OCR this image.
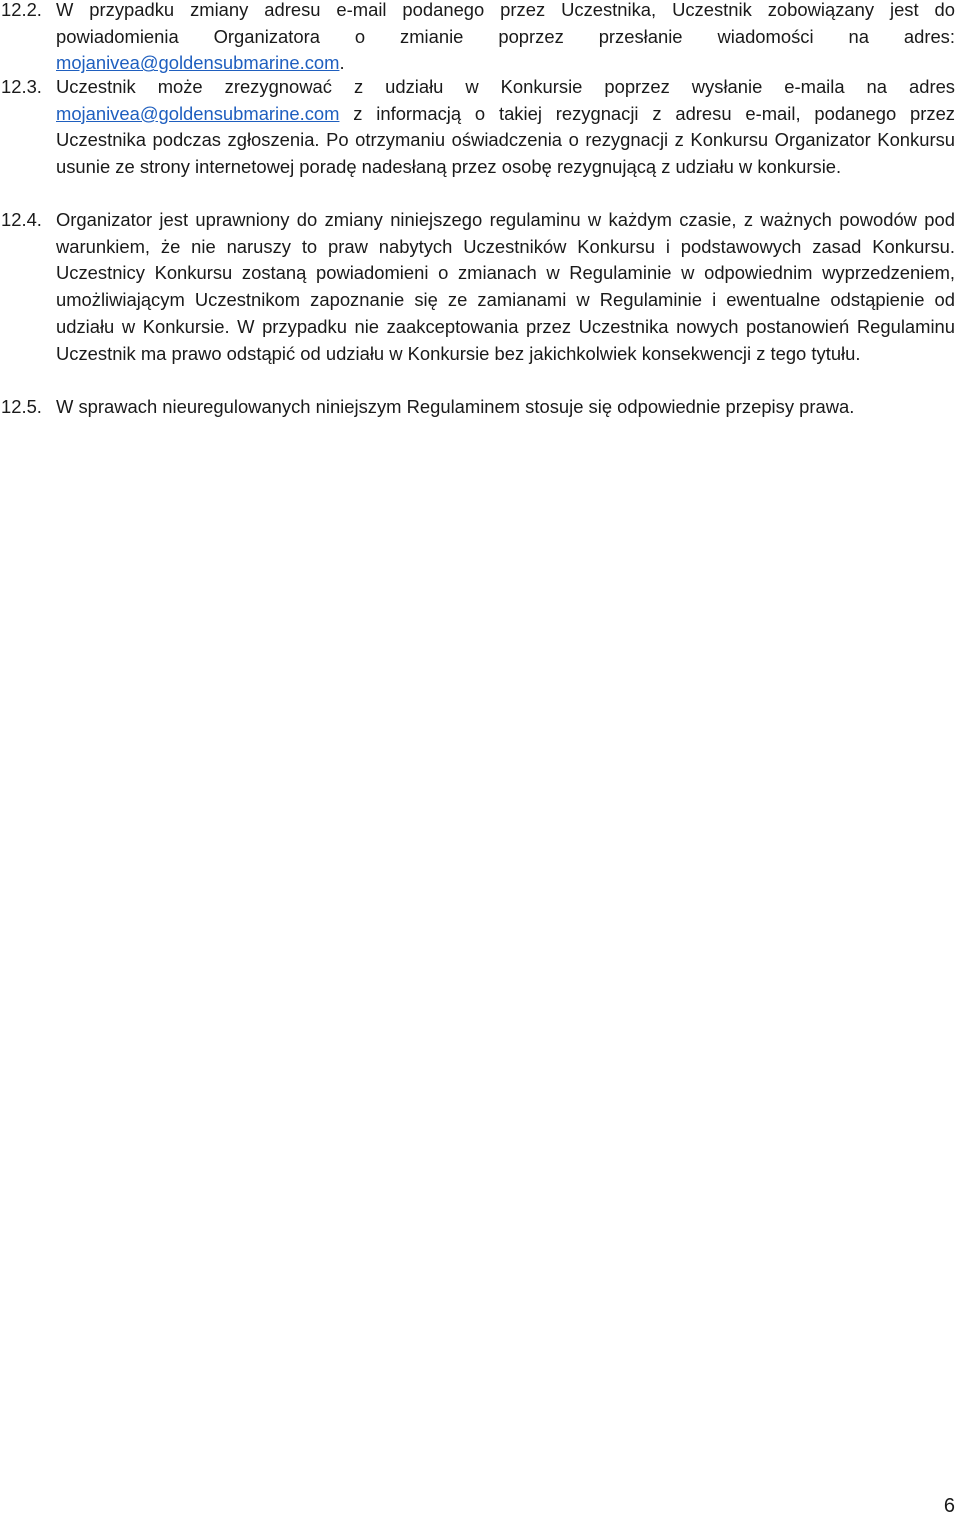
12.2. W przypadku zmiany adresu e-mail podanego przez Uczestnika, Uczestnik zobowiązany jest do powiadomienia Organizatora o zmianie poprzez przesłanie wiadomości na adres: mojanivea@goldensubmarine.com.
12.3. Uczestnik może zrezygnować z udziału w Konkursie poprzez wysłanie e-maila na adres mojanivea@goldensubmarine.com z informacją o takiej rezygnacji z adresu e-mail, podanego przez Uczestnika podczas zgłoszenia. Po otrzymaniu oświadczenia o rezygnacji z Konkursu Organizator Konkursu usunie ze strony internetowej poradę nadesłaną przez osobę rezygnującą z udziału w konkursie.
12.4. Organizator jest uprawniony do zmiany niniejszego regulaminu w każdym czasie, z ważnych powodów pod warunkiem, że nie naruszy to praw nabytych Uczestników Konkursu i podstawowych zasad Konkursu. Uczestnicy Konkursu zostaną powiadomieni o zmianach w Regulaminie w odpowiednim wyprzedzeniem, umożliwiającym Uczestnikom zapoznanie się ze zamianami w Regulaminie i ewentualne odstąpienie od udziału w Konkursie. W przypadku nie zaakceptowania przez Uczestnika nowych postanowień Regulaminu Uczestnik ma prawo odstąpić od udziału w Konkursie bez jakichkolwiek konsekwencji z tego tytułu.
12.5. W sprawach nieuregulowanych niniejszym Regulaminem stosuje się odpowiednie przepisy prawa.
6
